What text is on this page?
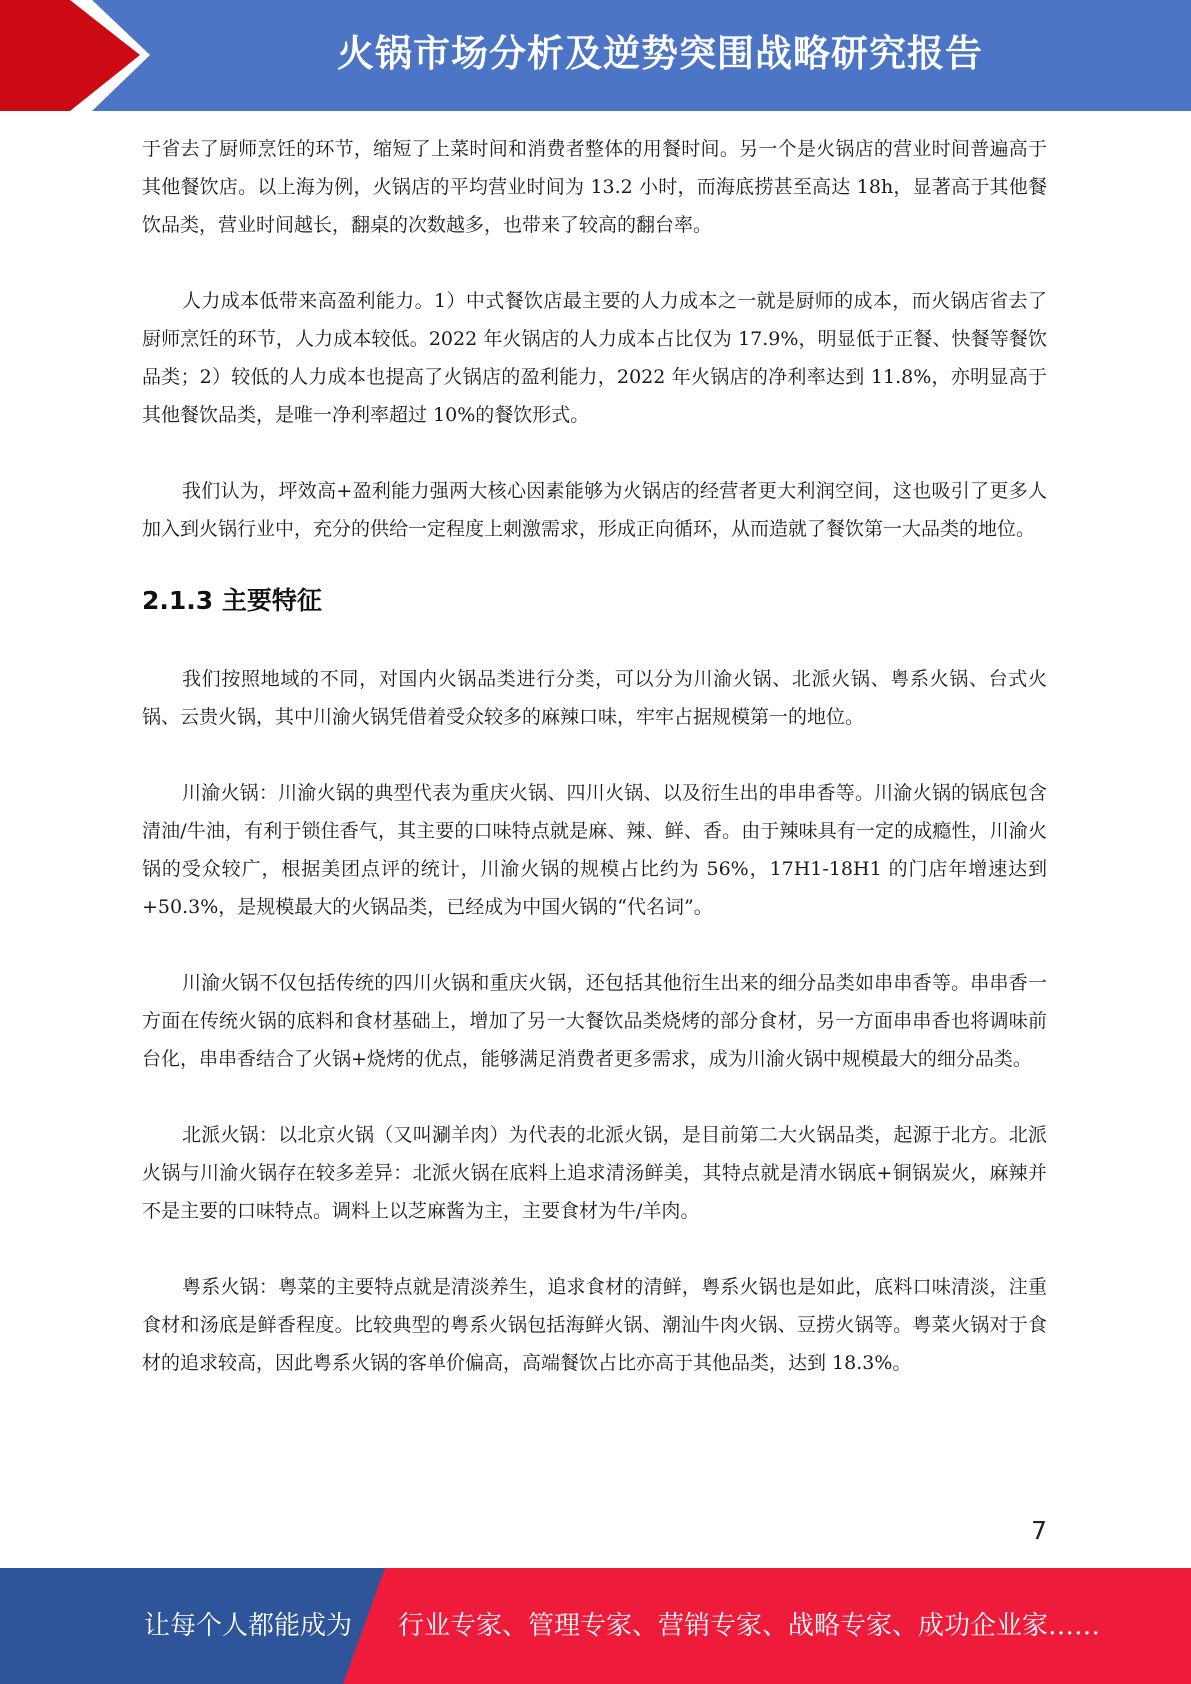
火锅市场分析及逆势突围战略研究报告

于省去了厨师烹饪的环节，缩短了上菜时间和消费者整体的用餐时间。另一个是火锅店的营业时间普遍高于其他餐饮店。以上海为例，火锅店的平均营业时间为 13.2 小时，而海底捞甚至高达 18h，显著高于其他餐饮品类，营业时间越长，翻桌的次数越多，也带来了较高的翻台率。

人力成本低带来高盈利能力。1）中式餐饮店最主要的人力成本之一就是厨师的成本，而火锅店省去了厨师烹饪的环节，人力成本较低。2022 年火锅店的人力成本占比仅为 17.9%，明显低于正餐、快餐等餐饮品类；2）较低的人力成本也提高了火锅店的盈利能力，2022 年火锅店的净利率达到 11.8%，亦明显高于其他餐饮品类，是唯一净利率超过 10%的餐饮形式。

我们认为，坪效高+盈利能力强两大核心因素能够为火锅店的经营者更大利润空间，这也吸引了更多人加入到火锅行业中，充分的供给一定程度上刺激需求，形成正向循环，从而造就了餐饮第一大品类的地位。

2.1.3 主要特征

我们按照地域的不同，对国内火锅品类进行分类，可以分为川渝火锅、北派火锅、粤系火锅、台式火锅、云贵火锅，其中川渝火锅凭借着受众较多的麻辣口味，牢牢占据规模第一的地位。

川渝火锅：川渝火锅的典型代表为重庆火锅、四川火锅、以及衍生出的串串香等。川渝火锅的锅底包含清油/牛油，有利于锁住香气，其主要的口味特点就是麻、辣、鲜、香。由于辣味具有一定的成瘾性，川渝火锅的受众较广，根据美团点评的统计，川渝火锅的规模占比约为 56%，17H1-18H1 的门店年增速达到+50.3%，是规模最大的火锅品类，已经成为中国火锅的“代名词”。

川渝火锅不仅包括传统的四川火锅和重庆火锅，还包括其他衍生出来的细分品类如串串香等。串串香一方面在传统火锅的底料和食材基础上，增加了另一大餐饮品类烧烤的部分食材，另一方面串串香也将调味前台化，串串香结合了火锅+烧烤的优点，能够满足消费者更多需求，成为川渝火锅中规模最大的细分品类。

北派火锅：以北京火锅（又叫涮羊肉）为代表的北派火锅，是目前第二大火锅品类，起源于北方。北派火锅与川渝火锅存在较多差异：北派火锅在底料上追求清汤鲜美，其特点就是清水锅底+铜锅炭火，麻辣并不是主要的口味特点。调料上以芝麻酱为主，主要食材为牛/羊肉。

粤系火锅：粤菜的主要特点就是清淡养生，追求食材的清鲜，粤系火锅也是如此，底料口味清淡，注重食材和汤底是鲜香程度。比较典型的粤系火锅包括海鲜火锅、潮汕牛肉火锅、豆捞火锅等。粤菜火锅对于食材的追求较高，因此粤系火锅的客单价偏高，高端餐饮占比亦高于其他品类，达到 18.3%。

7
让每个人都能成为 行业专家、管理专家、营销专家、战略专家、成功企业家……
